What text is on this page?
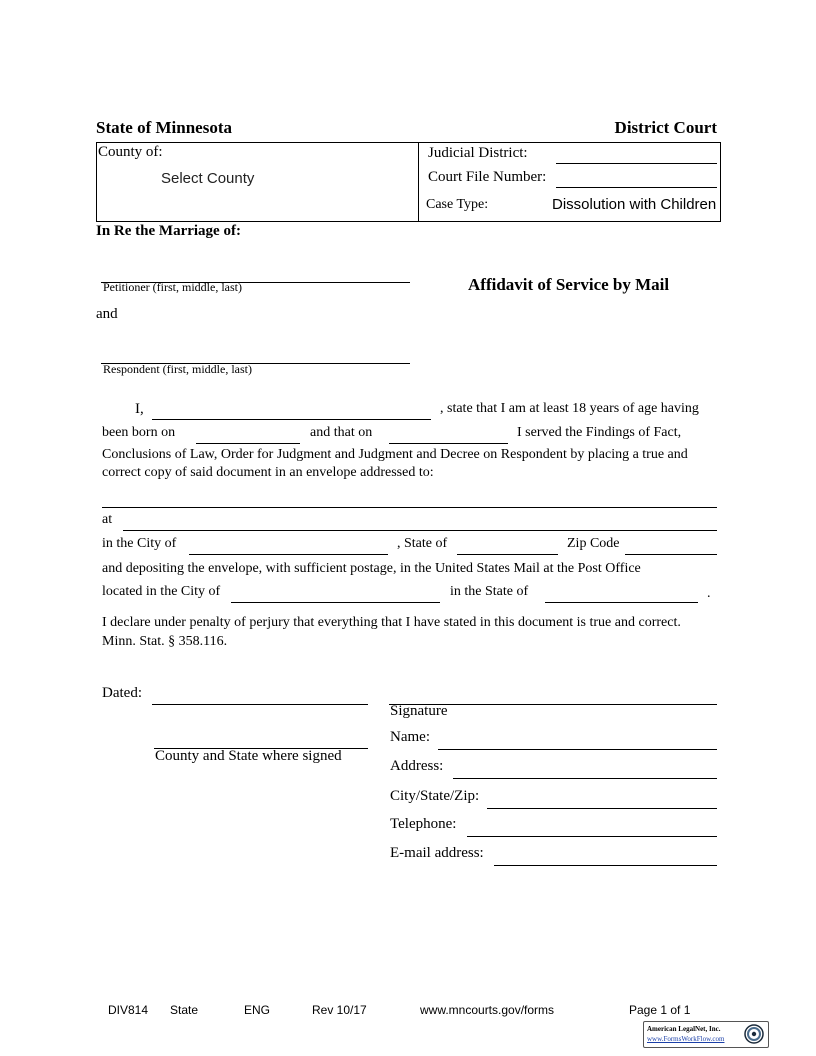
State of Minnesota	District Court
County of:
Select County
Judicial District:
Court File Number:
Case Type:	Dissolution with Children
In Re the Marriage of:
Petitioner (first, middle, last)	Affidavit of Service by Mail
and
Respondent (first, middle, last)
I,	, state that I am at least 18 years of age having
been born on	and that on	I served the Findings of Fact,
Conclusions of Law, Order for Judgment and Judgment and Decree on Respondent by placing a true and
correct copy of said document in an envelope addressed to:
at
in the City of	, State of	Zip Code
and depositing the envelope, with sufficient postage, in the United States Mail at the Post Office
located in the City of	in the State of	.
I declare under penalty of perjury that everything that I have stated in this document is true and correct.
Minn. Stat. § 358.116.
Dated:
Signature
County and State where signed
Name:
Address:
City/State/Zip:
Telephone:
E-mail address:
DIV814 State	ENG	Rev 10/17	www.mncourts.gov/forms	Page 1 of 1
American LegalNet, Inc.
www.FormsWorkFlow.com
